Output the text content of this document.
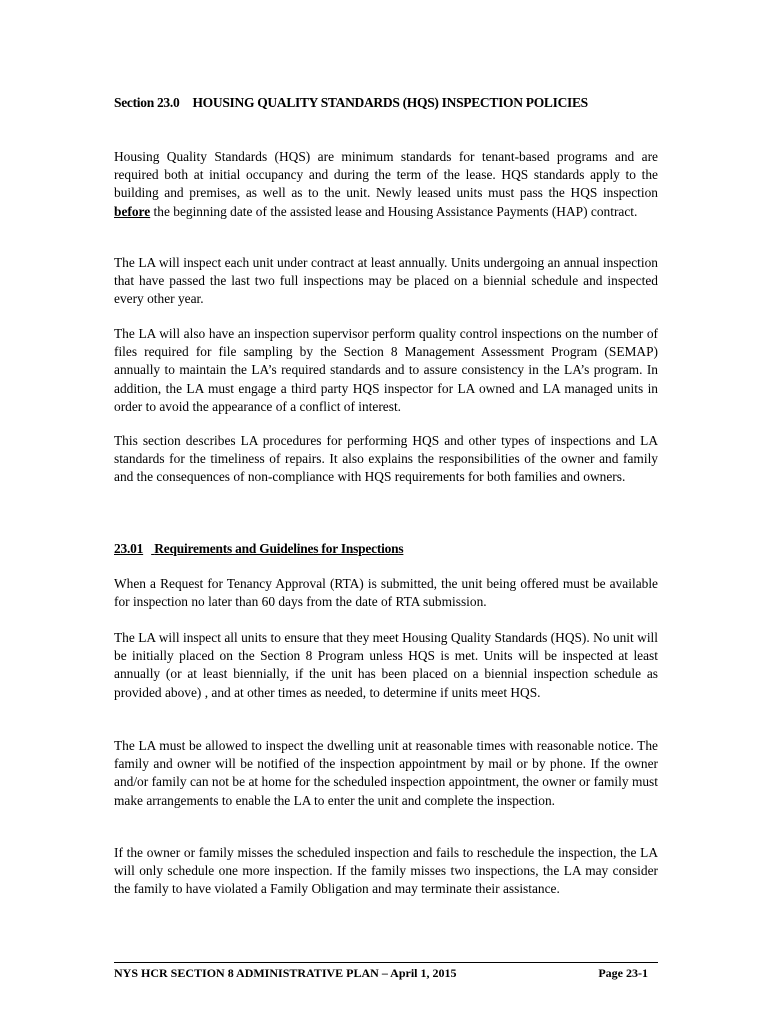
Section 23.0 HOUSING QUALITY STANDARDS (HQS) INSPECTION POLICIES

Housing Quality Standards (HQS) are minimum standards for tenant-based programs and are required both at initial occupancy and during the term of the lease. HQS standards apply to the building and premises, as well as to the unit. Newly leased units must pass the HQS inspection before the beginning date of the assisted lease and Housing Assistance Payments (HAP) contract.

The LA will inspect each unit under contract at least annually. Units undergoing an annual inspection that have passed the last two full inspections may be placed on a biennial schedule and inspected every other year.

The LA will also have an inspection supervisor perform quality control inspections on the number of files required for file sampling by the Section 8 Management Assessment Program (SEMAP) annually to maintain the LA’s required standards and to assure consistency in the LA’s program. In addition, the LA must engage a third party HQS inspector for LA owned and LA managed units in order to avoid the appearance of a conflict of interest.

This section describes LA procedures for performing HQS and other types of inspections and LA standards for the timeliness of repairs. It also explains the responsibilities of the owner and family and the consequences of non-compliance with HQS requirements for both families and owners.

23.01 Requirements and Guidelines for Inspections

When a Request for Tenancy Approval (RTA) is submitted, the unit being offered must be available for inspection no later than 60 days from the date of RTA submission.

The LA will inspect all units to ensure that they meet Housing Quality Standards (HQS). No unit will be initially placed on the Section 8 Program unless HQS is met. Units will be inspected at least annually (or at least biennially, if the unit has been placed on a biennial inspection schedule as provided above) , and at other times as needed, to determine if units meet HQS.

The LA must be allowed to inspect the dwelling unit at reasonable times with reasonable notice. The family and owner will be notified of the inspection appointment by mail or by phone. If the owner and/or family can not be at home for the scheduled inspection appointment, the owner or family must make arrangements to enable the LA to enter the unit and complete the inspection.

If the owner or family misses the scheduled inspection and fails to reschedule the inspection, the LA will only schedule one more inspection. If the family misses two inspections, the LA may consider the family to have violated a Family Obligation and may terminate their assistance.

NYS HCR SECTION 8 ADMINISTRATIVE PLAN – April 1, 2015	Page 23-1
